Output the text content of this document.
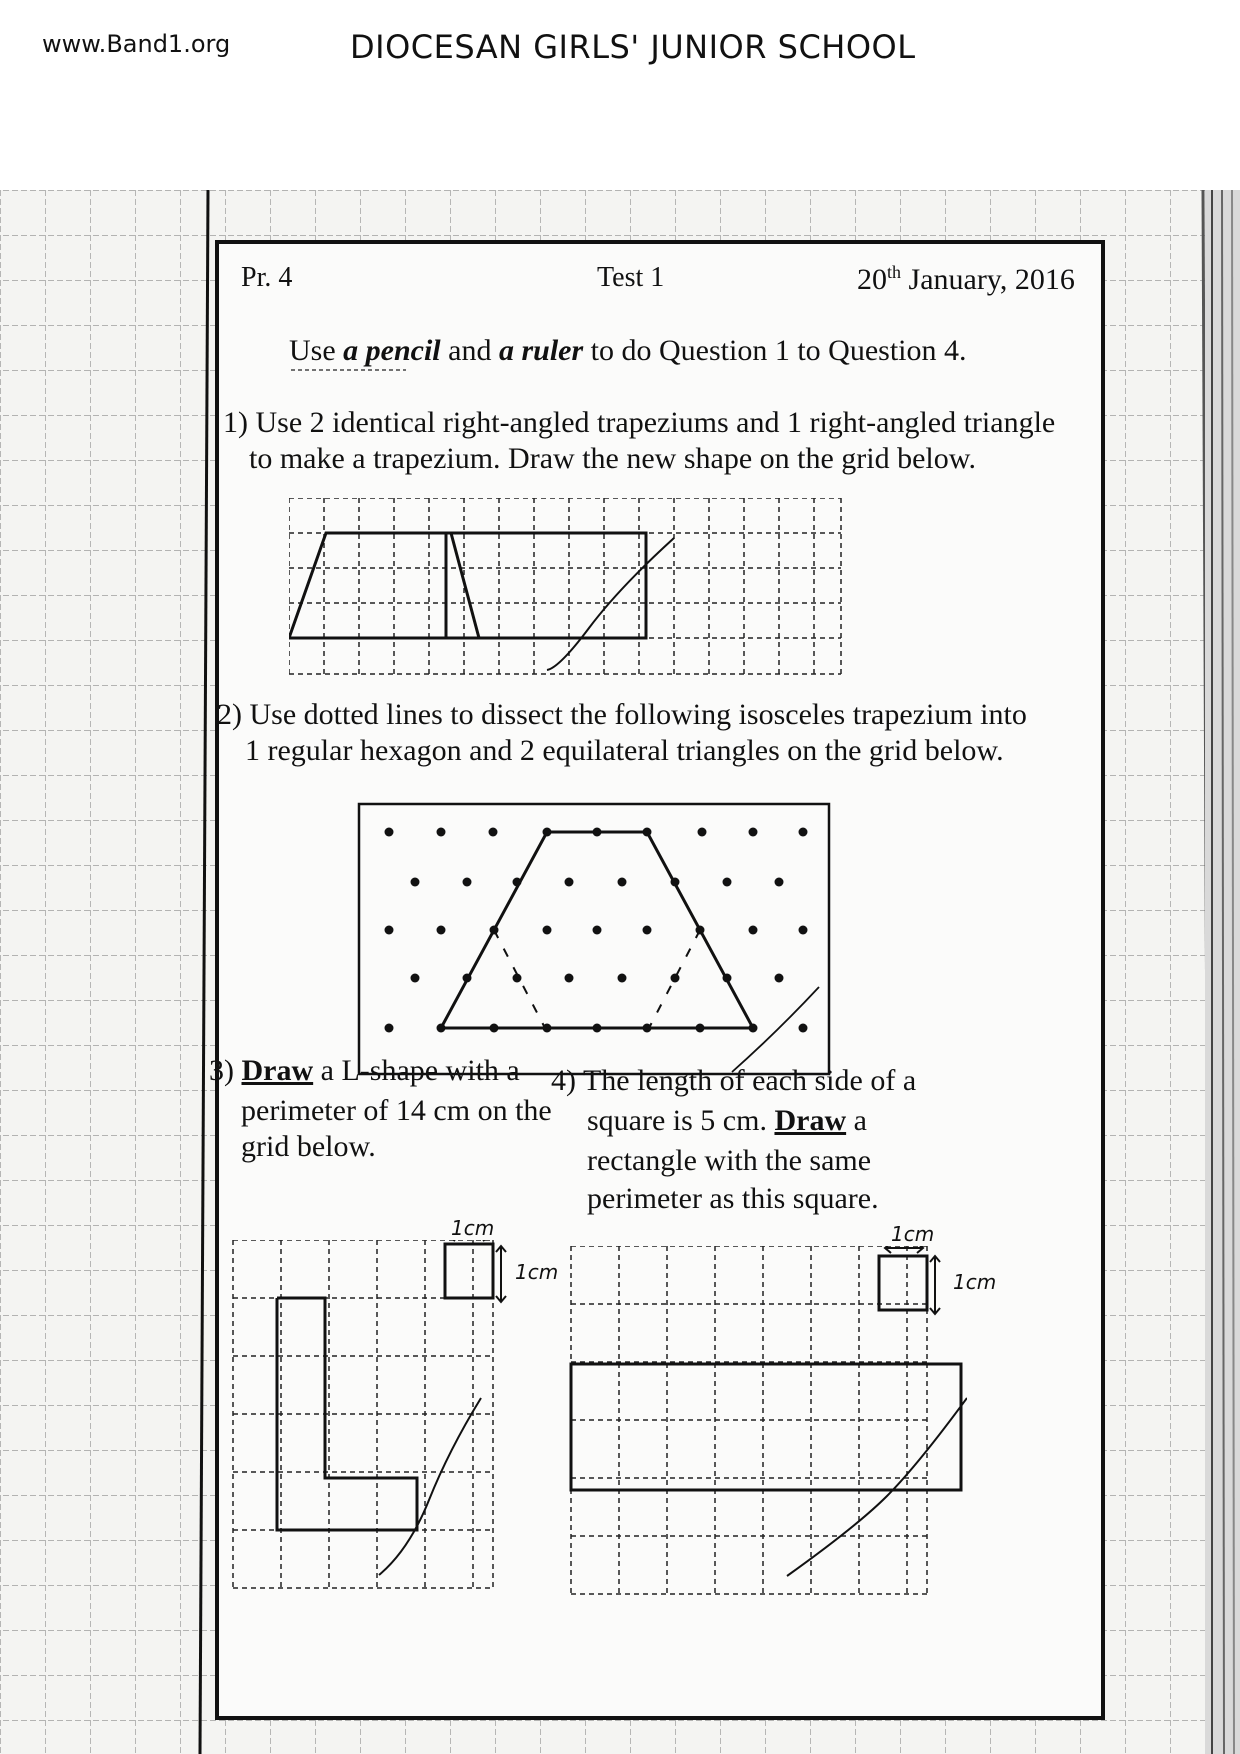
www.Band1.org	DIOCESAN GIRLS' JUNIOR SCHOOL
Pr. 4	Test 1	20th January, 2016
Use a pencil and a ruler to do Question 1 to Question 4.
1) Use 2 identical right-angled trapeziums and 1 right-angled triangle
to make a trapezium. Draw the new shape on the grid below.
2) Use dotted lines to dissect the following isosceles trapezium into
1 regular hexagon and 2 equilateral triangles on the grid below.
3) Draw a L-shape with a
perimeter of 14 cm on the
grid below.
4) The length of each side of a
square is 5 cm. Draw a
rectangle with the same
perimeter as this square.
1cm
1cm
1cm
1cm
